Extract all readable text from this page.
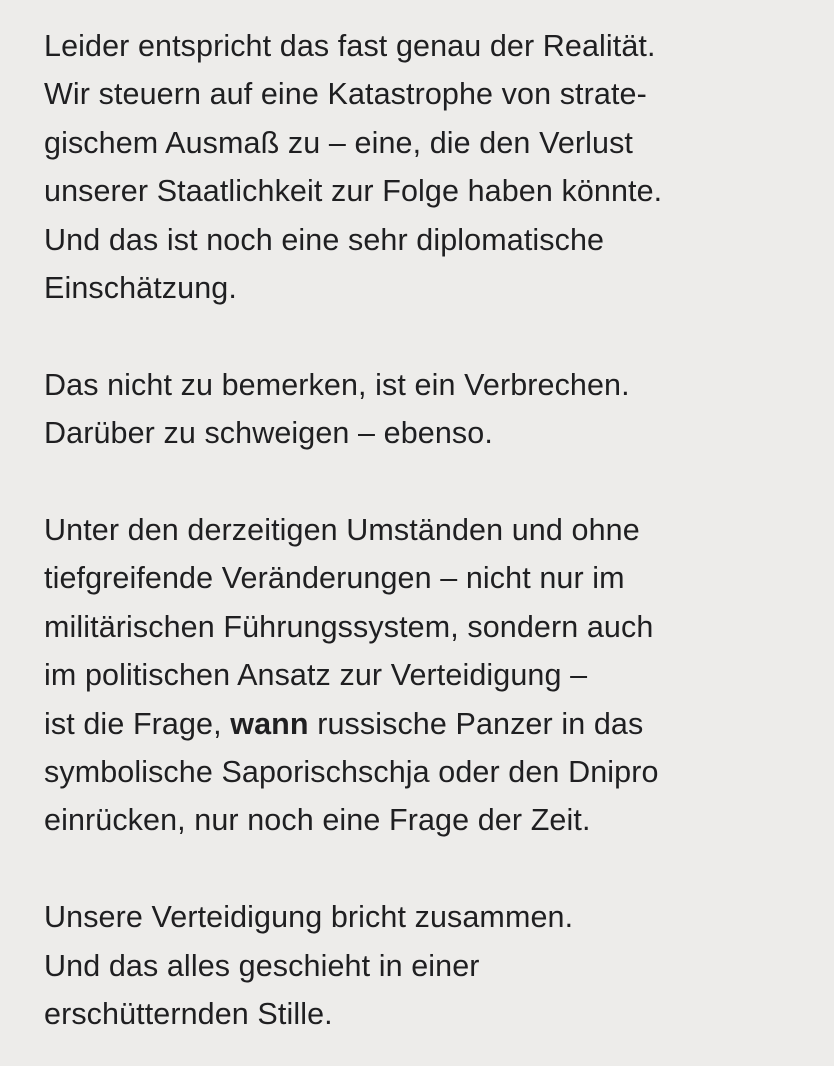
Leider entspricht das fast genau der Realität.
Wir steuern auf eine Katastrophe von strate-
gischem Ausmaß zu – eine, die den Verlust
unserer Staatlichkeit zur Folge haben könnte.
Und das ist noch eine sehr diplomatische
Einschätzung.

Das nicht zu bemerken, ist ein Verbrechen.
Darüber zu schweigen – ebenso.

Unter den derzeitigen Umständen und ohne
tiefgreifende Veränderungen – nicht nur im
militärischen Führungssystem, sondern auch
im politischen Ansatz zur Verteidigung –
ist die Frage, wann russische Panzer in das
symbolische Saporischschja oder den Dnipro
einrücken, nur noch eine Frage der Zeit.

Unsere Verteidigung bricht zusammen.
Und das alles geschieht in einer
erschütternden Stille.
